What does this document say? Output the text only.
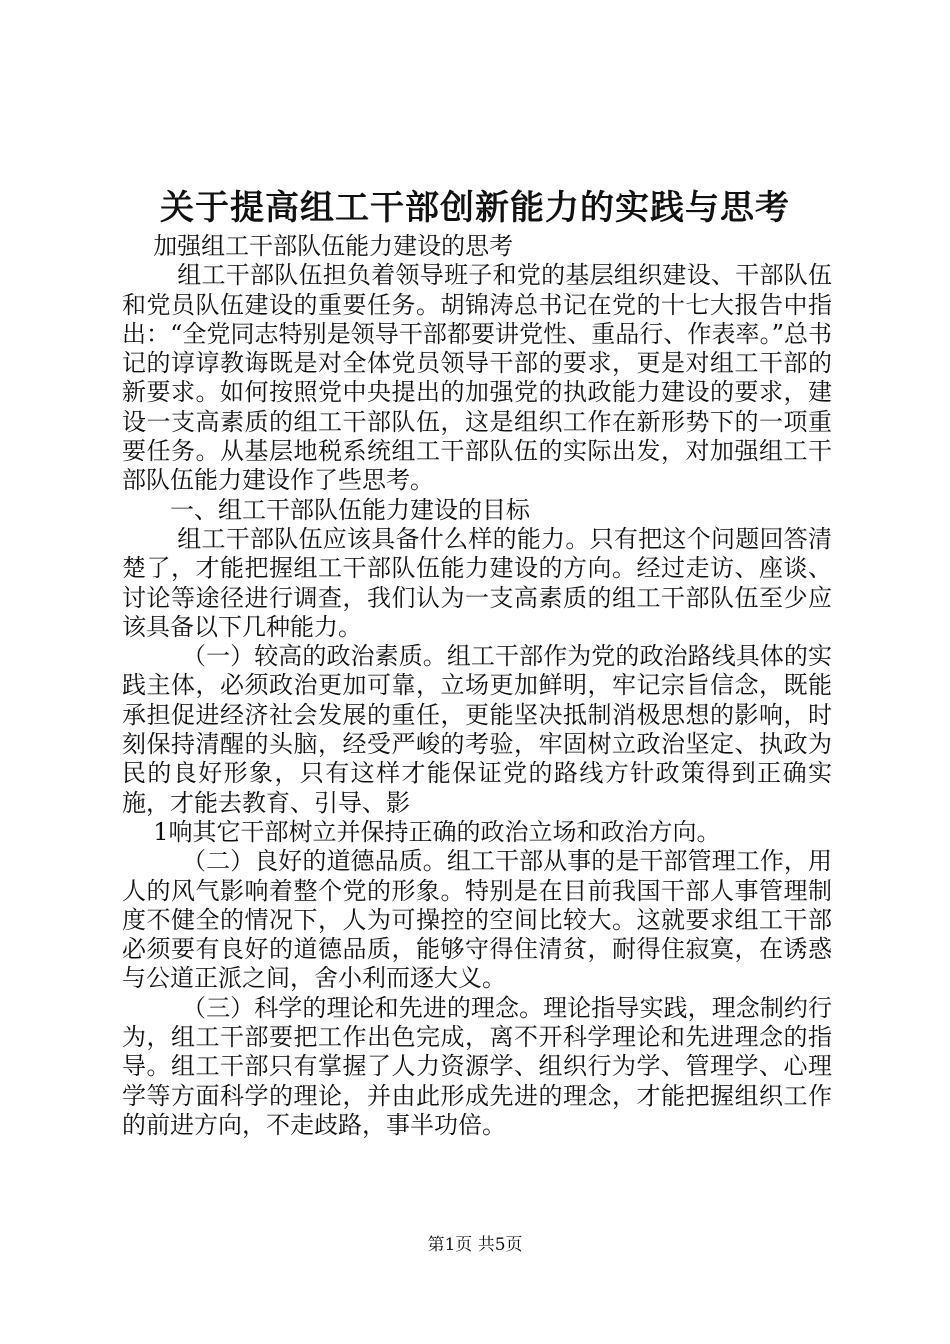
关于提高组工干部创新能力的实践与思考

加强组工干部队伍能力建设的思考

组工干部队伍担负着领导班子和党的基层组织建设、干部队伍和党员队伍建设的重要任务。胡锦涛总书记在党的十七大报告中指出：“全党同志特别是领导干部都要讲党性、重品行、作表率。”总书记的谆谆教诲既是对全体党员领导干部的要求，更是对组工干部的新要求。如何按照党中央提出的加强党的执政能力建设的要求，建设一支高素质的组工干部队伍，这是组织工作在新形势下的一项重要任务。从基层地税系统组工干部队伍的实际出发，对加强组工干部队伍能力建设作了些思考。

一、组工干部队伍能力建设的目标

组工干部队伍应该具备什么样的能力。只有把这个问题回答清楚了，才能把握组工干部队伍能力建设的方向。经过走访、座谈、讨论等途径进行调查，我们认为一支高素质的组工干部队伍至少应该具备以下几种能力。

（一）较高的政治素质。组工干部作为党的政治路线具体的实践主体，必须政治更加可靠，立场更加鲜明，牢记宗旨信念，既能承担促进经济社会发展的重任，更能坚决抵制消极思想的影响，时刻保持清醒的头脑，经受严峻的考验，牢固树立政治坚定、执政为民的良好形象，只有这样才能保证党的路线方针政策得到正确实施，才能去教育、引导、影

1响其它干部树立并保持正确的政治立场和政治方向。

（二）良好的道德品质。组工干部从事的是干部管理工作，用人的风气影响着整个党的形象。特别是在目前我国干部人事管理制度不健全的情况下，人为可操控的空间比较大。这就要求组工干部必须要有良好的道德品质，能够守得住清贫，耐得住寂寞，在诱惑与公道正派之间，舍小利而逐大义。

（三）科学的理论和先进的理念。理论指导实践，理念制约行为，组工干部要把工作出色完成，离不开科学理论和先进理念的指导。组工干部只有掌握了人力资源学、组织行为学、管理学、心理学等方面科学的理论，并由此形成先进的理念，才能把握组织工作的前进方向，不走歧路，事半功倍。

第1页 共5页
